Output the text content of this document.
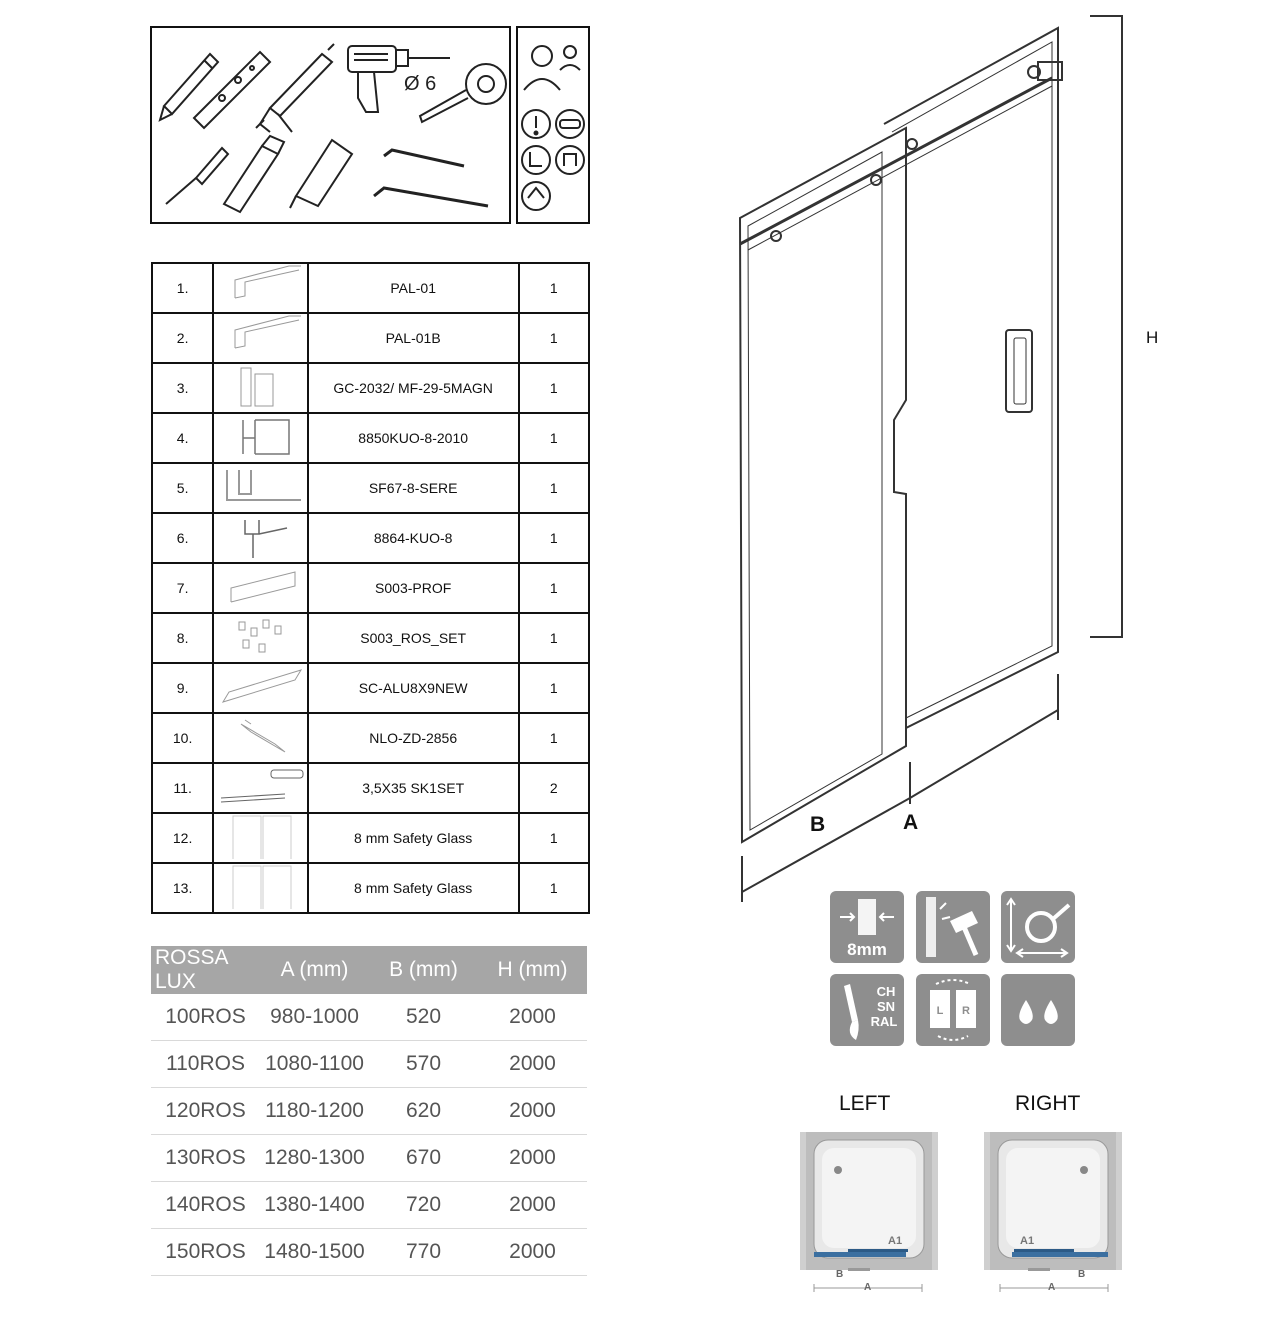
Ø 6
1.		PAL-01	1
2.		PAL-01B	1
3.		GC-2032/ MF-29-5MAGN	1
4.		8850KUO-8-2010	1
5.		SF67-8-SERE	1
6.		8864-KUO-8	1
7.		S003-PROF	1
8.		S003_ROS_SET	1
9.		SC-ALU8X9NEW	1
10.		NLO-ZD-2856	1
11.		3,5X35 SK1SET	2
12.		8 mm Safety Glass	1
13.		8 mm Safety Glass	1
ROSSA LUX	A (mm)	B (mm)	H (mm)
100ROS	980-1000	520	2000
110ROS	1080-1100	570	2000
120ROS	1180-1200	620	2000
130ROS	1280-1300	670	2000
140ROS	1380-1400	720	2000
150ROS	1480-1500	770	2000
H
B	A
8mm
CH
SN
RAL
L R
LEFT	RIGHT
A1
B
A
A1
B
A
